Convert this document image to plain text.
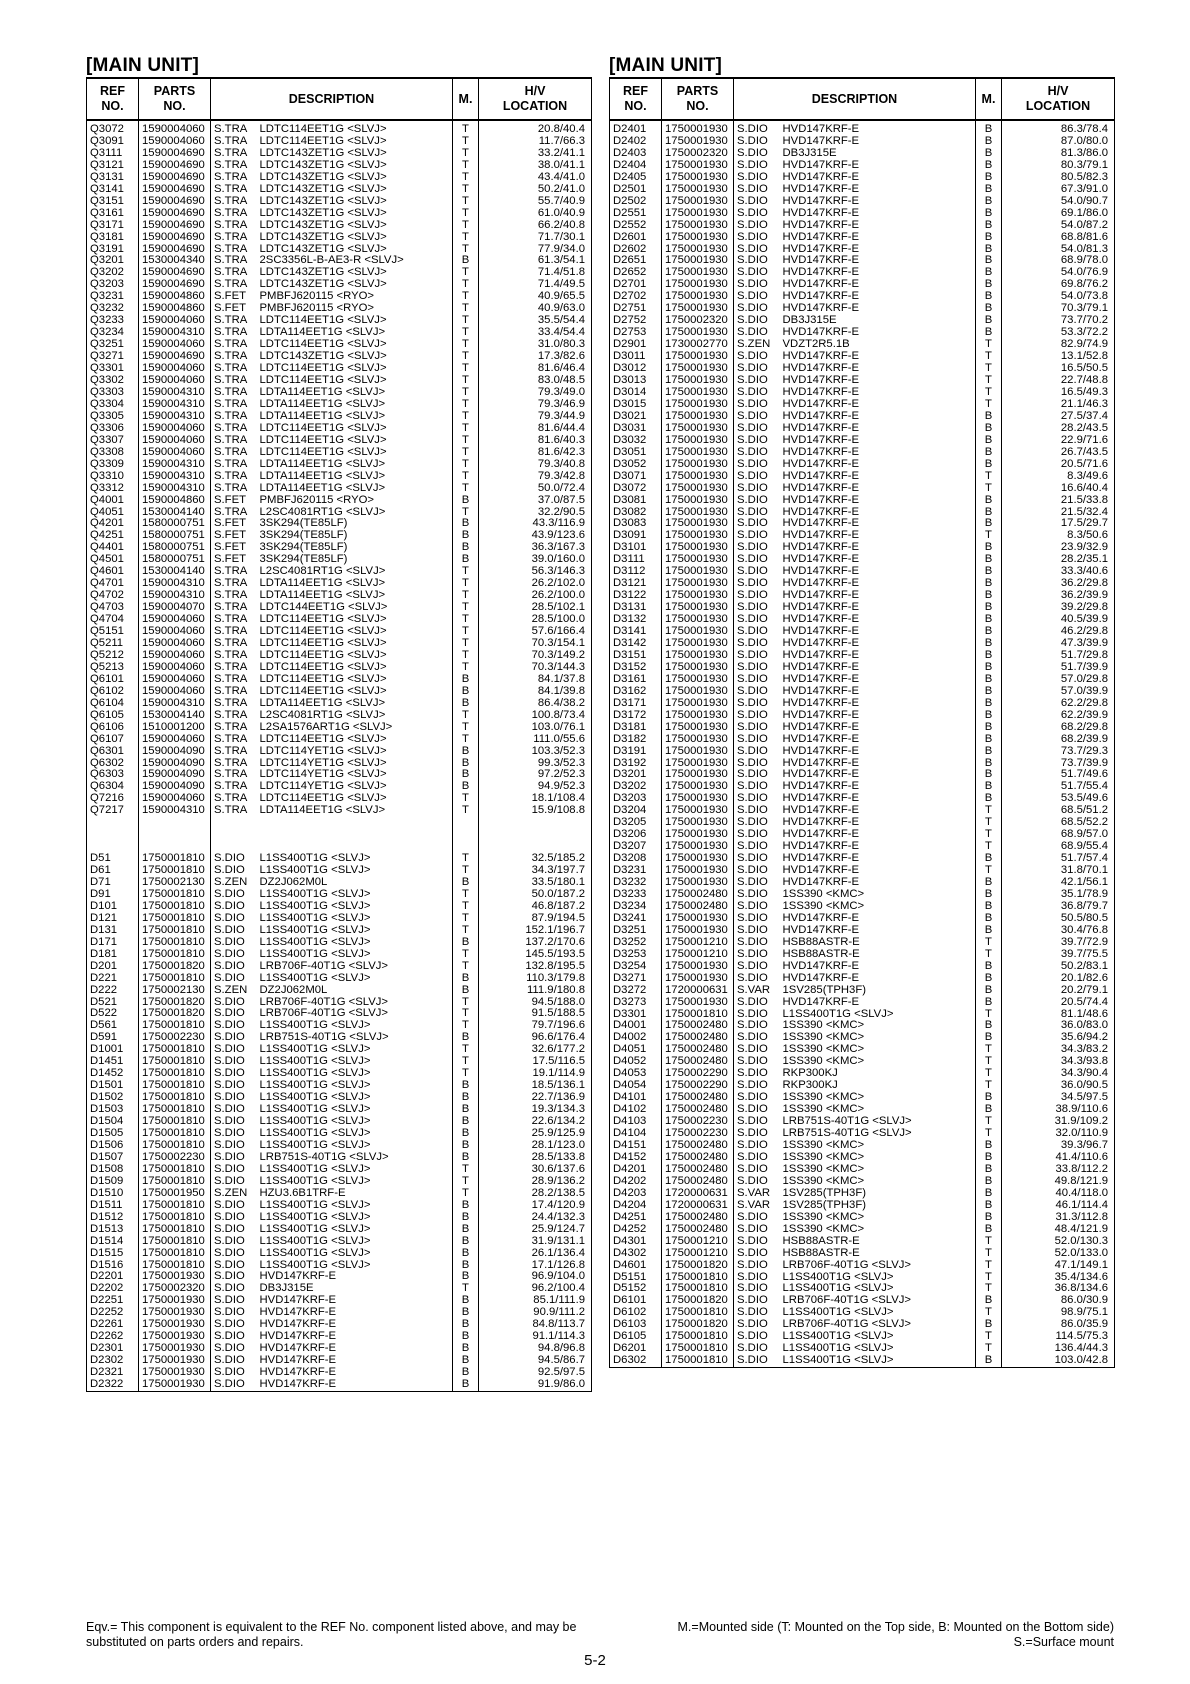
[MAIN UNIT]
REF
NO.	PARTS
NO.	DESCRIPTION		M.	H/V
LOCATION
Q3072	1590004060	S.TRA	LDTC114EET1G <SLVJ>	T	20.8/40.4
Q3091	1590004060	S.TRA	LDTC114EET1G <SLVJ>	T	11.7/66.3
Q3111	1590004690	S.TRA	LDTC143ZET1G <SLVJ>	T	33.2/41.1
Q3121	1590004690	S.TRA	LDTC143ZET1G <SLVJ>	T	38.0/41.1
Q3131	1590004690	S.TRA	LDTC143ZET1G <SLVJ>	T	43.4/41.0
Q3141	1590004690	S.TRA	LDTC143ZET1G <SLVJ>	T	50.2/41.0
Q3151	1590004690	S.TRA	LDTC143ZET1G <SLVJ>	T	55.7/40.9
Q3161	1590004690	S.TRA	LDTC143ZET1G <SLVJ>	T	61.0/40.9
Q3171	1590004690	S.TRA	LDTC143ZET1G <SLVJ>	T	66.2/40.8
Q3181	1590004690	S.TRA	LDTC143ZET1G <SLVJ>	T	71.7/30.1
Q3191	1590004690	S.TRA	LDTC143ZET1G <SLVJ>	T	77.9/34.0
Q3201	1530004340	S.TRA	2SC3356L-B-AE3-R <SLVJ>	B	61.3/54.1
Q3202	1590004690	S.TRA	LDTC143ZET1G <SLVJ>	T	71.4/51.8
Q3203	1590004690	S.TRA	LDTC143ZET1G <SLVJ>	T	71.4/49.5
Q3231	1590004860	S.FET	PMBFJ620115 <RYO>	T	40.9/65.5
Q3232	1590004860	S.FET	PMBFJ620115 <RYO>	T	40.9/63.0
Q3233	1590004060	S.TRA	LDTC114EET1G <SLVJ>	T	35.5/54.4
Q3234	1590004310	S.TRA	LDTA114EET1G <SLVJ>	T	33.4/54.4
Q3251	1590004060	S.TRA	LDTC114EET1G <SLVJ>	T	31.0/80.3
Q3271	1590004690	S.TRA	LDTC143ZET1G <SLVJ>	T	17.3/82.6
Q3301	1590004060	S.TRA	LDTC114EET1G <SLVJ>	T	81.6/46.4
Q3302	1590004060	S.TRA	LDTC114EET1G <SLVJ>	T	83.0/48.5
Q3303	1590004310	S.TRA	LDTA114EET1G <SLVJ>	T	79.3/49.0
Q3304	1590004310	S.TRA	LDTA114EET1G <SLVJ>	T	79.3/46.9
Q3305	1590004310	S.TRA	LDTA114EET1G <SLVJ>	T	79.3/44.9
Q3306	1590004060	S.TRA	LDTC114EET1G <SLVJ>	T	81.6/44.4
Q3307	1590004060	S.TRA	LDTC114EET1G <SLVJ>	T	81.6/40.3
Q3308	1590004060	S.TRA	LDTC114EET1G <SLVJ>	T	81.6/42.3
Q3309	1590004310	S.TRA	LDTA114EET1G <SLVJ>	T	79.3/40.8
Q3310	1590004310	S.TRA	LDTA114EET1G <SLVJ>	T	79.3/42.8
Q3312	1590004310	S.TRA	LDTA114EET1G <SLVJ>	T	50.0/72.4
Q4001	1590004860	S.FET	PMBFJ620115 <RYO>	B	37.0/87.5
Q4051	1530004140	S.TRA	L2SC4081RT1G <SLVJ>	T	32.2/90.5
Q4201	1580000751	S.FET	3SK294(TE85LF)	B	43.3/116.9
Q4251	1580000751	S.FET	3SK294(TE85LF)	B	43.9/123.6
Q4401	1580000751	S.FET	3SK294(TE85LF)	B	36.3/167.3
Q4501	1580000751	S.FET	3SK294(TE85LF)	B	39.0/160.0
Q4601	1530004140	S.TRA	L2SC4081RT1G <SLVJ>	T	56.3/146.3
Q4701	1590004310	S.TRA	LDTA114EET1G <SLVJ>	T	26.2/102.0
Q4702	1590004310	S.TRA	LDTA114EET1G <SLVJ>	T	26.2/100.0
Q4703	1590004070	S.TRA	LDTC144EET1G <SLVJ>	T	28.5/102.1
Q4704	1590004060	S.TRA	LDTC114EET1G <SLVJ>	T	28.5/100.0
Q5151	1590004060	S.TRA	LDTC114EET1G <SLVJ>	T	57.6/166.4
Q5211	1590004060	S.TRA	LDTC114EET1G <SLVJ>	T	70.3/154.1
Q5212	1590004060	S.TRA	LDTC114EET1G <SLVJ>	T	70.3/149.2
Q5213	1590004060	S.TRA	LDTC114EET1G <SLVJ>	T	70.3/144.3
Q6101	1590004060	S.TRA	LDTC114EET1G <SLVJ>	B	84.1/37.8
Q6102	1590004060	S.TRA	LDTC114EET1G <SLVJ>	B	84.1/39.8
Q6104	1590004310	S.TRA	LDTA114EET1G <SLVJ>	B	86.4/38.2
Q6105	1530004140	S.TRA	L2SC4081RT1G <SLVJ>	T	100.8/73.4
Q6106	1510001200	S.TRA	L2SA1576ART1G <SLVJ>	T	103.0/76.1
Q6107	1590004060	S.TRA	LDTC114EET1G <SLVJ>	T	111.0/55.6
Q6301	1590004090	S.TRA	LDTC114YET1G <SLVJ>	B	103.3/52.3
Q6302	1590004090	S.TRA	LDTC114YET1G <SLVJ>	B	99.3/52.3
Q6303	1590004090	S.TRA	LDTC114YET1G <SLVJ>	B	97.2/52.3
Q6304	1590004090	S.TRA	LDTC114YET1G <SLVJ>	B	94.9/52.3
Q7216	1590004060	S.TRA	LDTC114EET1G <SLVJ>	T	18.1/108.4
Q7217	1590004310	S.TRA	LDTA114EET1G <SLVJ>	T	15.9/108.8

D51	1750001810	S.DIO	L1SS400T1G <SLVJ>	T	32.5/185.2
D61	1750001810	S.DIO	L1SS400T1G <SLVJ>	T	34.3/197.7
D71	1750002130	S.ZEN	DZ2J062M0L	B	33.5/180.1
D91	1750001810	S.DIO	L1SS400T1G <SLVJ>	T	50.0/187.2
D101	1750001810	S.DIO	L1SS400T1G <SLVJ>	T	46.8/187.2
D121	1750001810	S.DIO	L1SS400T1G <SLVJ>	T	87.9/194.5
D131	1750001810	S.DIO	L1SS400T1G <SLVJ>	T	152.1/196.7
D171	1750001810	S.DIO	L1SS400T1G <SLVJ>	B	137.2/170.6
D181	1750001810	S.DIO	L1SS400T1G <SLVJ>	T	145.5/193.5
D201	1750001820	S.DIO	LRB706F-40T1G <SLVJ>	T	132.8/195.5
D221	1750001810	S.DIO	L1SS400T1G <SLVJ>	B	110.3/179.8
D222	1750002130	S.ZEN	DZ2J062M0L	B	111.9/180.8
D521	1750001820	S.DIO	LRB706F-40T1G <SLVJ>	T	94.5/188.0
D522	1750001820	S.DIO	LRB706F-40T1G <SLVJ>	T	91.5/188.5
D561	1750001810	S.DIO	L1SS400T1G <SLVJ>	T	79.7/196.6
D591	1750002230	S.DIO	LRB751S-40T1G <SLVJ>	B	96.6/176.4
D1001	1750001810	S.DIO	L1SS400T1G <SLVJ>	T	32.6/177.2
D1451	1750001810	S.DIO	L1SS400T1G <SLVJ>	T	17.5/116.5
D1452	1750001810	S.DIO	L1SS400T1G <SLVJ>	T	19.1/114.9
D1501	1750001810	S.DIO	L1SS400T1G <SLVJ>	B	18.5/136.1
D1502	1750001810	S.DIO	L1SS400T1G <SLVJ>	B	22.7/136.9
D1503	1750001810	S.DIO	L1SS400T1G <SLVJ>	B	19.3/134.3
D1504	1750001810	S.DIO	L1SS400T1G <SLVJ>	B	22.6/134.2
D1505	1750001810	S.DIO	L1SS400T1G <SLVJ>	B	25.9/125.9
D1506	1750001810	S.DIO	L1SS400T1G <SLVJ>	B	28.1/123.0
D1507	1750002230	S.DIO	LRB751S-40T1G <SLVJ>	B	28.5/133.8
D1508	1750001810	S.DIO	L1SS400T1G <SLVJ>	T	30.6/137.6
D1509	1750001810	S.DIO	L1SS400T1G <SLVJ>	T	28.9/136.2
D1510	1750001950	S.ZEN	HZU3.6B1TRF-E	T	28.2/138.5
D1511	1750001810	S.DIO	L1SS400T1G <SLVJ>	B	17.4/120.9
D1512	1750001810	S.DIO	L1SS400T1G <SLVJ>	B	24.4/132.3
D1513	1750001810	S.DIO	L1SS400T1G <SLVJ>	B	25.9/124.7
D1514	1750001810	S.DIO	L1SS400T1G <SLVJ>	B	31.9/131.1
D1515	1750001810	S.DIO	L1SS400T1G <SLVJ>	B	26.1/136.4
D1516	1750001810	S.DIO	L1SS400T1G <SLVJ>	B	17.1/126.8
D2201	1750001930	S.DIO	HVD147KRF-E	B	96.9/104.0
D2202	1750002320	S.DIO	DB3J315E	T	96.2/100.4
D2251	1750001930	S.DIO	HVD147KRF-E	B	85.1/111.9
D2252	1750001930	S.DIO	HVD147KRF-E	B	90.9/111.2
D2261	1750001930	S.DIO	HVD147KRF-E	B	84.8/113.7
D2262	1750001930	S.DIO	HVD147KRF-E	B	91.1/114.3
D2301	1750001930	S.DIO	HVD147KRF-E	B	94.8/96.8
D2302	1750001930	S.DIO	HVD147KRF-E	B	94.5/86.7
D2321	1750001930	S.DIO	HVD147KRF-E	B	92.5/97.5
D2322	1750001930	S.DIO	HVD147KRF-E	B	91.9/86.0
[MAIN UNIT]
REF
NO.	PARTS
NO.	DESCRIPTION		M.	H/V
LOCATION
D2401	1750001930	S.DIO	HVD147KRF-E	B	86.3/78.4
D2402	1750001930	S.DIO	HVD147KRF-E	B	87.0/80.0
D2403	1750002320	S.DIO	DB3J315E	B	81.3/86.0
D2404	1750001930	S.DIO	HVD147KRF-E	B	80.3/79.1
D2405	1750001930	S.DIO	HVD147KRF-E	B	80.5/82.3
D2501	1750001930	S.DIO	HVD147KRF-E	B	67.3/91.0
D2502	1750001930	S.DIO	HVD147KRF-E	B	54.0/90.7
D2551	1750001930	S.DIO	HVD147KRF-E	B	69.1/86.0
D2552	1750001930	S.DIO	HVD147KRF-E	B	54.0/87.2
D2601	1750001930	S.DIO	HVD147KRF-E	B	68.8/81.6
D2602	1750001930	S.DIO	HVD147KRF-E	B	54.0/81.3
D2651	1750001930	S.DIO	HVD147KRF-E	B	68.9/78.0
D2652	1750001930	S.DIO	HVD147KRF-E	B	54.0/76.9
D2701	1750001930	S.DIO	HVD147KRF-E	B	69.8/76.2
D2702	1750001930	S.DIO	HVD147KRF-E	B	54.0/73.8
D2751	1750001930	S.DIO	HVD147KRF-E	B	70.3/79.1
D2752	1750002320	S.DIO	DB3J315E	B	73.7/70.2
D2753	1750001930	S.DIO	HVD147KRF-E	B	53.3/72.2
D2901	1730002770	S.ZEN	VDZT2R5.1B	T	82.9/74.9
D3011	1750001930	S.DIO	HVD147KRF-E	T	13.1/52.8
D3012	1750001930	S.DIO	HVD147KRF-E	T	16.5/50.5
D3013	1750001930	S.DIO	HVD147KRF-E	T	22.7/48.8
D3014	1750001930	S.DIO	HVD147KRF-E	T	16.5/49.3
D3015	1750001930	S.DIO	HVD147KRF-E	T	21.1/46.3
D3021	1750001930	S.DIO	HVD147KRF-E	B	27.5/37.4
D3031	1750001930	S.DIO	HVD147KRF-E	B	28.2/43.5
D3032	1750001930	S.DIO	HVD147KRF-E	B	22.9/71.6
D3051	1750001930	S.DIO	HVD147KRF-E	B	26.7/43.5
D3052	1750001930	S.DIO	HVD147KRF-E	B	20.5/71.6
D3071	1750001930	S.DIO	HVD147KRF-E	T	8.3/49.6
D3072	1750001930	S.DIO	HVD147KRF-E	T	16.6/40.4
D3081	1750001930	S.DIO	HVD147KRF-E	B	21.5/33.8
D3082	1750001930	S.DIO	HVD147KRF-E	B	21.5/32.4
D3083	1750001930	S.DIO	HVD147KRF-E	B	17.5/29.7
D3091	1750001930	S.DIO	HVD147KRF-E	T	8.3/50.6
D3101	1750001930	S.DIO	HVD147KRF-E	B	23.9/32.9
D3111	1750001930	S.DIO	HVD147KRF-E	B	28.2/35.1
D3112	1750001930	S.DIO	HVD147KRF-E	B	33.3/40.6
D3121	1750001930	S.DIO	HVD147KRF-E	B	36.2/29.8
D3122	1750001930	S.DIO	HVD147KRF-E	B	36.2/39.9
D3131	1750001930	S.DIO	HVD147KRF-E	B	39.2/29.8
D3132	1750001930	S.DIO	HVD147KRF-E	B	40.5/39.9
D3141	1750001930	S.DIO	HVD147KRF-E	B	46.2/29.8
D3142	1750001930	S.DIO	HVD147KRF-E	B	47.3/39.9
D3151	1750001930	S.DIO	HVD147KRF-E	B	51.7/29.8
D3152	1750001930	S.DIO	HVD147KRF-E	B	51.7/39.9
D3161	1750001930	S.DIO	HVD147KRF-E	B	57.0/29.8
D3162	1750001930	S.DIO	HVD147KRF-E	B	57.0/39.9
D3171	1750001930	S.DIO	HVD147KRF-E	B	62.2/29.8
D3172	1750001930	S.DIO	HVD147KRF-E	B	62.2/39.9
D3181	1750001930	S.DIO	HVD147KRF-E	B	68.2/29.8
D3182	1750001930	S.DIO	HVD147KRF-E	B	68.2/39.9
D3191	1750001930	S.DIO	HVD147KRF-E	B	73.7/29.3
D3192	1750001930	S.DIO	HVD147KRF-E	B	73.7/39.9
D3201	1750001930	S.DIO	HVD147KRF-E	B	51.7/49.6
D3202	1750001930	S.DIO	HVD147KRF-E	B	51.7/55.4
D3203	1750001930	S.DIO	HVD147KRF-E	B	53.5/49.6
D3204	1750001930	S.DIO	HVD147KRF-E	T	68.5/51.2
D3205	1750001930	S.DIO	HVD147KRF-E	T	68.5/52.2
D3206	1750001930	S.DIO	HVD147KRF-E	T	68.9/57.0
D3207	1750001930	S.DIO	HVD147KRF-E	T	68.9/55.4
D3208	1750001930	S.DIO	HVD147KRF-E	B	51.7/57.4
D3231	1750001930	S.DIO	HVD147KRF-E	T	31.8/70.1
D3232	1750001930	S.DIO	HVD147KRF-E	B	42.1/56.1
D3233	1750002480	S.DIO	1SS390 <KMC>	B	35.1/78.9
D3234	1750002480	S.DIO	1SS390 <KMC>	B	36.8/79.7
D3241	1750001930	S.DIO	HVD147KRF-E	B	50.5/80.5
D3251	1750001930	S.DIO	HVD147KRF-E	B	30.4/76.8
D3252	1750001210	S.DIO	HSB88ASTR-E	T	39.7/72.9
D3253	1750001210	S.DIO	HSB88ASTR-E	T	39.7/75.5
D3254	1750001930	S.DIO	HVD147KRF-E	B	50.2/83.1
D3271	1750001930	S.DIO	HVD147KRF-E	B	20.1/82.6
D3272	1720000631	S.VAR	1SV285(TPH3F)	B	20.2/79.1
D3273	1750001930	S.DIO	HVD147KRF-E	B	20.5/74.4
D3301	1750001810	S.DIO	L1SS400T1G <SLVJ>	T	81.1/48.6
D4001	1750002480	S.DIO	1SS390 <KMC>	B	36.0/83.0
D4002	1750002480	S.DIO	1SS390 <KMC>	B	35.6/94.2
D4051	1750002480	S.DIO	1SS390 <KMC>	T	34.3/83.2
D4052	1750002480	S.DIO	1SS390 <KMC>	T	34.3/93.8
D4053	1750002290	S.DIO	RKP300KJ	T	34.3/90.4
D4054	1750002290	S.DIO	RKP300KJ	T	36.0/90.5
D4101	1750002480	S.DIO	1SS390 <KMC>	B	34.5/97.5
D4102	1750002480	S.DIO	1SS390 <KMC>	B	38.9/110.6
D4103	1750002230	S.DIO	LRB751S-40T1G <SLVJ>	T	31.9/109.2
D4104	1750002230	S.DIO	LRB751S-40T1G <SLVJ>	T	32.0/110.9
D4151	1750002480	S.DIO	1SS390 <KMC>	B	39.3/96.7
D4152	1750002480	S.DIO	1SS390 <KMC>	B	41.4/110.6
D4201	1750002480	S.DIO	1SS390 <KMC>	B	33.8/112.2
D4202	1750002480	S.DIO	1SS390 <KMC>	B	49.8/121.9
D4203	1720000631	S.VAR	1SV285(TPH3F)	B	40.4/118.0
D4204	1720000631	S.VAR	1SV285(TPH3F)	B	46.1/114.4
D4251	1750002480	S.DIO	1SS390 <KMC>	B	31.3/112.8
D4252	1750002480	S.DIO	1SS390 <KMC>	B	48.4/121.9
D4301	1750001210	S.DIO	HSB88ASTR-E	T	52.0/130.3
D4302	1750001210	S.DIO	HSB88ASTR-E	T	52.0/133.0
D4601	1750001820	S.DIO	LRB706F-40T1G <SLVJ>	T	47.1/149.1
D5151	1750001810	S.DIO	L1SS400T1G <SLVJ>	T	35.4/134.6
D5152	1750001810	S.DIO	L1SS400T1G <SLVJ>	T	36.8/134.6
D6101	1750001820	S.DIO	LRB706F-40T1G <SLVJ>	B	86.0/30.9
D6102	1750001810	S.DIO	L1SS400T1G <SLVJ>	T	98.9/75.1
D6103	1750001820	S.DIO	LRB706F-40T1G <SLVJ>	B	86.0/35.9
D6105	1750001810	S.DIO	L1SS400T1G <SLVJ>	T	114.5/75.3
D6201	1750001810	S.DIO	L1SS400T1G <SLVJ>	T	136.4/44.3
D6302	1750001810	S.DIO	L1SS400T1G <SLVJ>	B	103.0/42.8
Eqv.= This component is equivalent to the REF No. component listed above, and may be substituted on parts orders and repairs.
M.=Mounted side (T: Mounted on the Top side, B: Mounted on the Bottom side)
S.=Surface mount
5-2
